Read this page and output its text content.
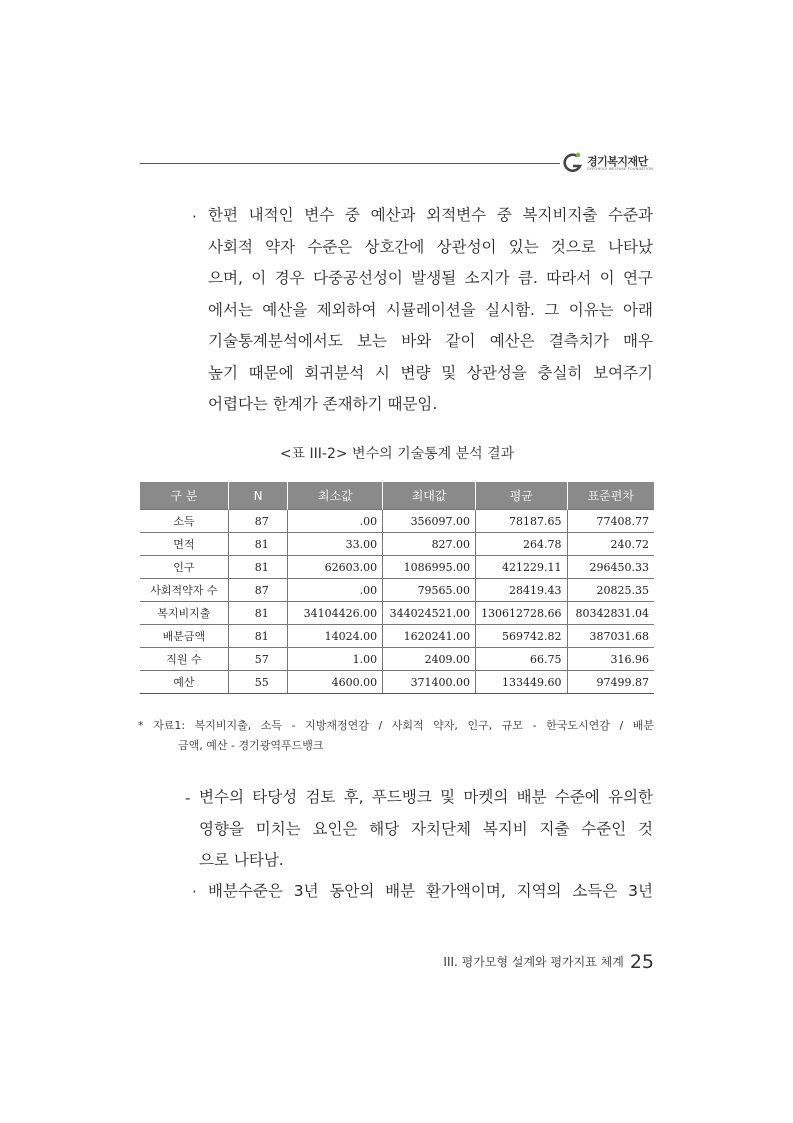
경기복지재단
GYEONGGI WELFARE FOUNDATION
· 한편 내적인 변수 중 예산과 외적변수 중 복지비지출 수준과
사회적 약자 수준은 상호간에 상관성이 있는 것으로 나타났
으며, 이 경우 다중공선성이 발생될 소지가 큼. 따라서 이 연구
에서는 예산을 제외하여 시뮬레이션을 실시함. 그 이유는 아래
기술통계분석에서도 보는 바와 같이 예산은 결측치가 매우
높기 때문에 회귀분석 시 변량 및 상관성을 충실히 보여주기
어렵다는 한계가 존재하기 때문임.
<표 III-2> 변수의 기술통계 분석 결과
구 분	N	최소값	최대값	평균	표준편차
소득	87	.00	356097.00	78187.65	77408.77
면적	81	33.00	827.00	264.78	240.72
인구	81	62603.00	1086995.00	421229.11	296450.33
사회적약자 수	87	.00	79565.00	28419.43	20825.35
복지비지출	81	34104426.00	344024521.00	130612728.66	80342831.04
배분금액	81	14024.00	1620241.00	569742.82	387031.68
직원 수	57	1.00	2409.00	66.75	316.96
예산	55	4600.00	371400.00	133449.60	97499.87
* 자료1: 복지비지출, 소득 - 지방재정연감 / 사회적 약자, 인구, 규모 - 한국도시연감 / 배분
금액, 예산 - 경기광역푸드뱅크
- 변수의 타당성 검토 후, 푸드뱅크 및 마켓의 배분 수준에 유의한
영향을 미치는 요인은 해당 자치단체 복지비 지출 수준인 것
으로 나타남.
· 배분수준은 3년 동안의 배분 환가액이며, 지역의 소득은 3년
III. 평가모형 설계와 평가지표 체계 25
